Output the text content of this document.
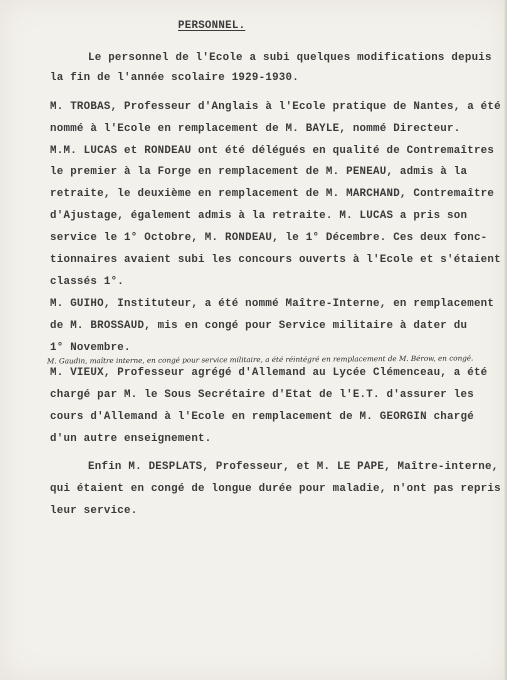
PERSONNEL.

Le personnel de l'Ecole a subi quelques modifications depuis

la fin de l'année scolaire 1929-1930.

M. TROBAS, Professeur d'Anglais à l'Ecole pratique de Nantes, a été

nommé à l'Ecole en remplacement de M. BAYLE, nommé Directeur.

M.M. LUCAS et RONDEAU ont été délégués en qualité de Contremaîtres

le premier à la Forge en remplacement de M. PENEAU, admis à la

retraite, le deuxième en remplacement de M. MARCHAND, Contremaître

d'Ajustage, également admis à la retraite. M. LUCAS a pris son

service le 1° Octobre, M. RONDEAU, le 1° Décembre. Ces deux fonc-

tionnaires avaient subi les concours ouverts à l'Ecole et s'étaient

classés 1°.

M. GUIHO, Instituteur, a été nommé Maître-Interne, en remplacement

de M. BROSSAUD, mis en congé pour Service militaire à dater du

1° Novembre.

M. Gaudin, maître interne, en congé pour service militaire, a été réintégré en remplacement de M. Bérow, en congé.

M. VIEUX, Professeur agrégé d'Allemand au Lycée Clémenceau, a été

chargé par M. le Sous Secrétaire d'Etat de l'E.T. d'assurer les

cours d'Allemand à l'Ecole en remplacement de M. GEORGIN chargé

d'un autre enseignement.

Enfin M. DESPLATS, Professeur, et M. LE PAPE, Maître-interne,

qui étaient en congé de longue durée pour maladie, n'ont pas repris

leur service.
